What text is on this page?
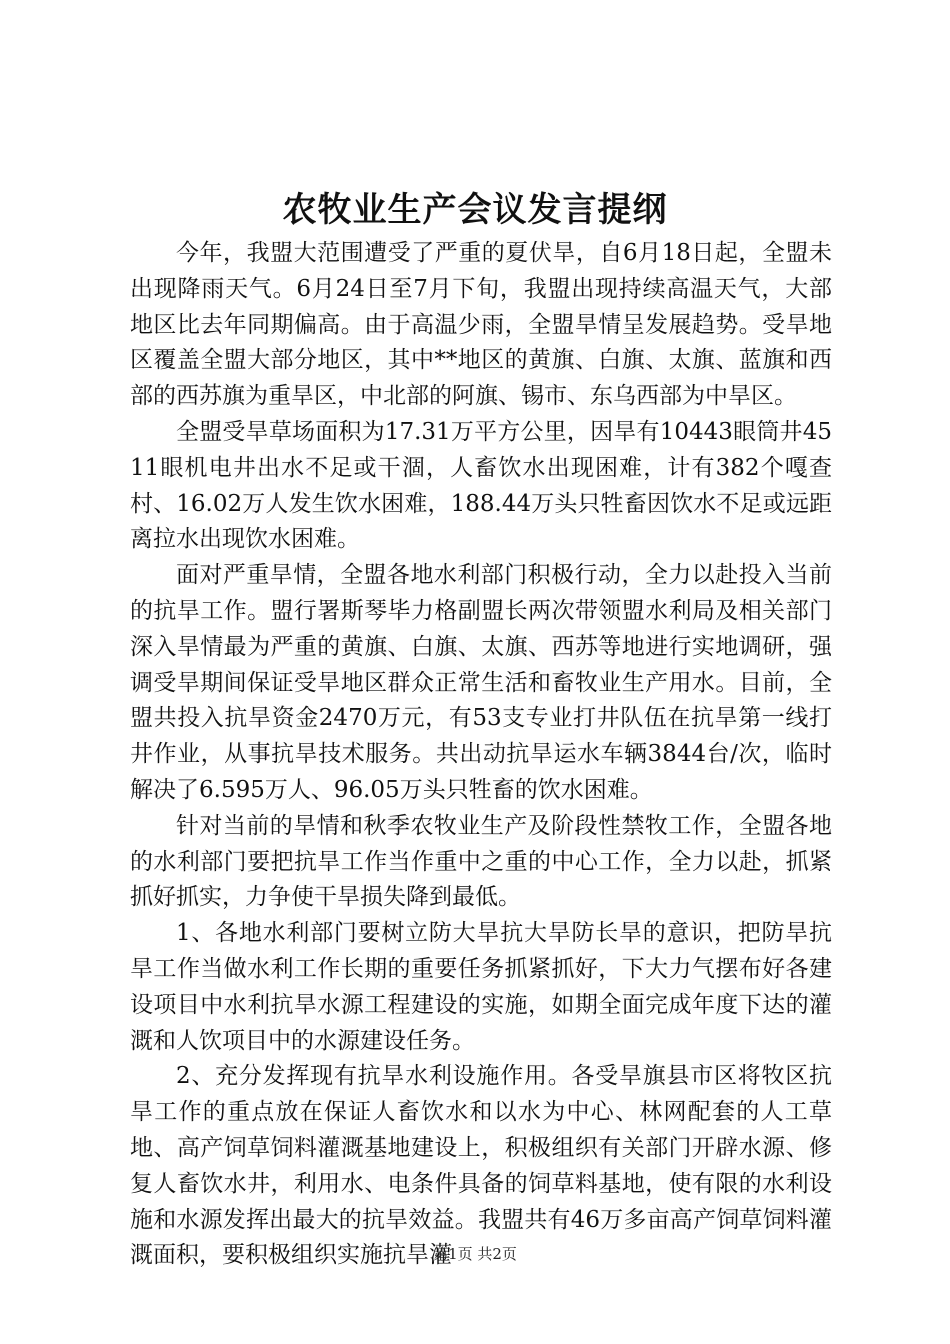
农牧业生产会议发言提纲

今年，我盟大范围遭受了严重的夏伏旱，自6月18日起，全盟未出现降雨天气。6月24日至7月下旬，我盟出现持续高温天气，大部地区比去年同期偏高。由于高温少雨，全盟旱情呈发展趋势。受旱地区覆盖全盟大部分地区，其中**地区的黄旗、白旗、太旗、蓝旗和西部的西苏旗为重旱区，中北部的阿旗、锡市、东乌西部为中旱区。

全盟受旱草场面积为17.31万平方公里，因旱有10443眼筒井4511眼机电井出水不足或干涸，人畜饮水出现困难，计有382个嘎查村、16.02万人发生饮水困难，188.44万头只牲畜因饮水不足或远距离拉水出现饮水困难。

面对严重旱情，全盟各地水利部门积极行动，全力以赴投入当前的抗旱工作。盟行署斯琴毕力格副盟长两次带领盟水利局及相关部门深入旱情最为严重的黄旗、白旗、太旗、西苏等地进行实地调研，强调受旱期间保证受旱地区群众正常生活和畜牧业生产用水。目前，全盟共投入抗旱资金2470万元，有53支专业打井队伍在抗旱第一线打井作业，从事抗旱技术服务。共出动抗旱运水车辆3844台/次，临时解决了6.595万人、96.05万头只牲畜的饮水困难。

针对当前的旱情和秋季农牧业生产及阶段性禁牧工作，全盟各地的水利部门要把抗旱工作当作重中之重的中心工作，全力以赴，抓紧抓好抓实，力争使干旱损失降到最低。

1、各地水利部门要树立防大旱抗大旱防长旱的意识，把防旱抗旱工作当做水利工作长期的重要任务抓紧抓好，下大力气摆布好各建设项目中水利抗旱水源工程建设的实施，如期全面完成年度下达的灌溉和人饮项目中的水源建设任务。

2、充分发挥现有抗旱水利设施作用。各受旱旗县市区将牧区抗旱工作的重点放在保证人畜饮水和以水为中心、林网配套的人工草地、高产饲草饲料灌溉基地建设上，积极组织有关部门开辟水源、修复人畜饮水井，利用水、电条件具备的饲草料基地，使有限的水利设施和水源发挥出最大的抗旱效益。我盟共有46万多亩高产饲草饲料灌溉面积，要积极组织实施抗旱灌

第1页 共2页
